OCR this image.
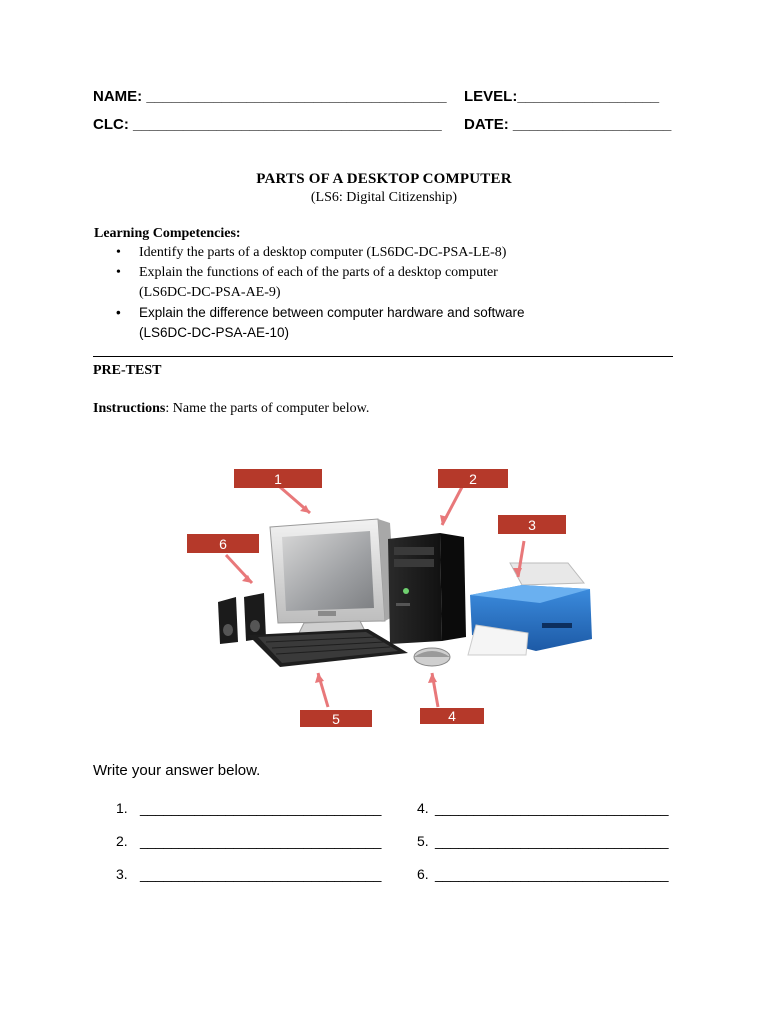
NAME: ____________________________________ LEVEL:_________________
CLC: _____________________________________ DATE: ___________________
PARTS OF A DESKTOP COMPUTER
(LS6: Digital Citizenship)
Learning Competencies:
• Identify the parts of a desktop computer (LS6DC-DC-PSA-LE-8)
• Explain the functions of each of the parts of a desktop computer
(LS6DC-DC-PSA-AE-9)
• Explain the difference between computer hardware and software
(LS6DC-DC-PSA-AE-10)
PRE-TEST
Instructions: Name the parts of computer below.
1	2
3
4
5
6
Write your answer below.
1. _______________________________
2. _______________________________
3. _______________________________
4. ______________________________
5. ______________________________
6. ______________________________
